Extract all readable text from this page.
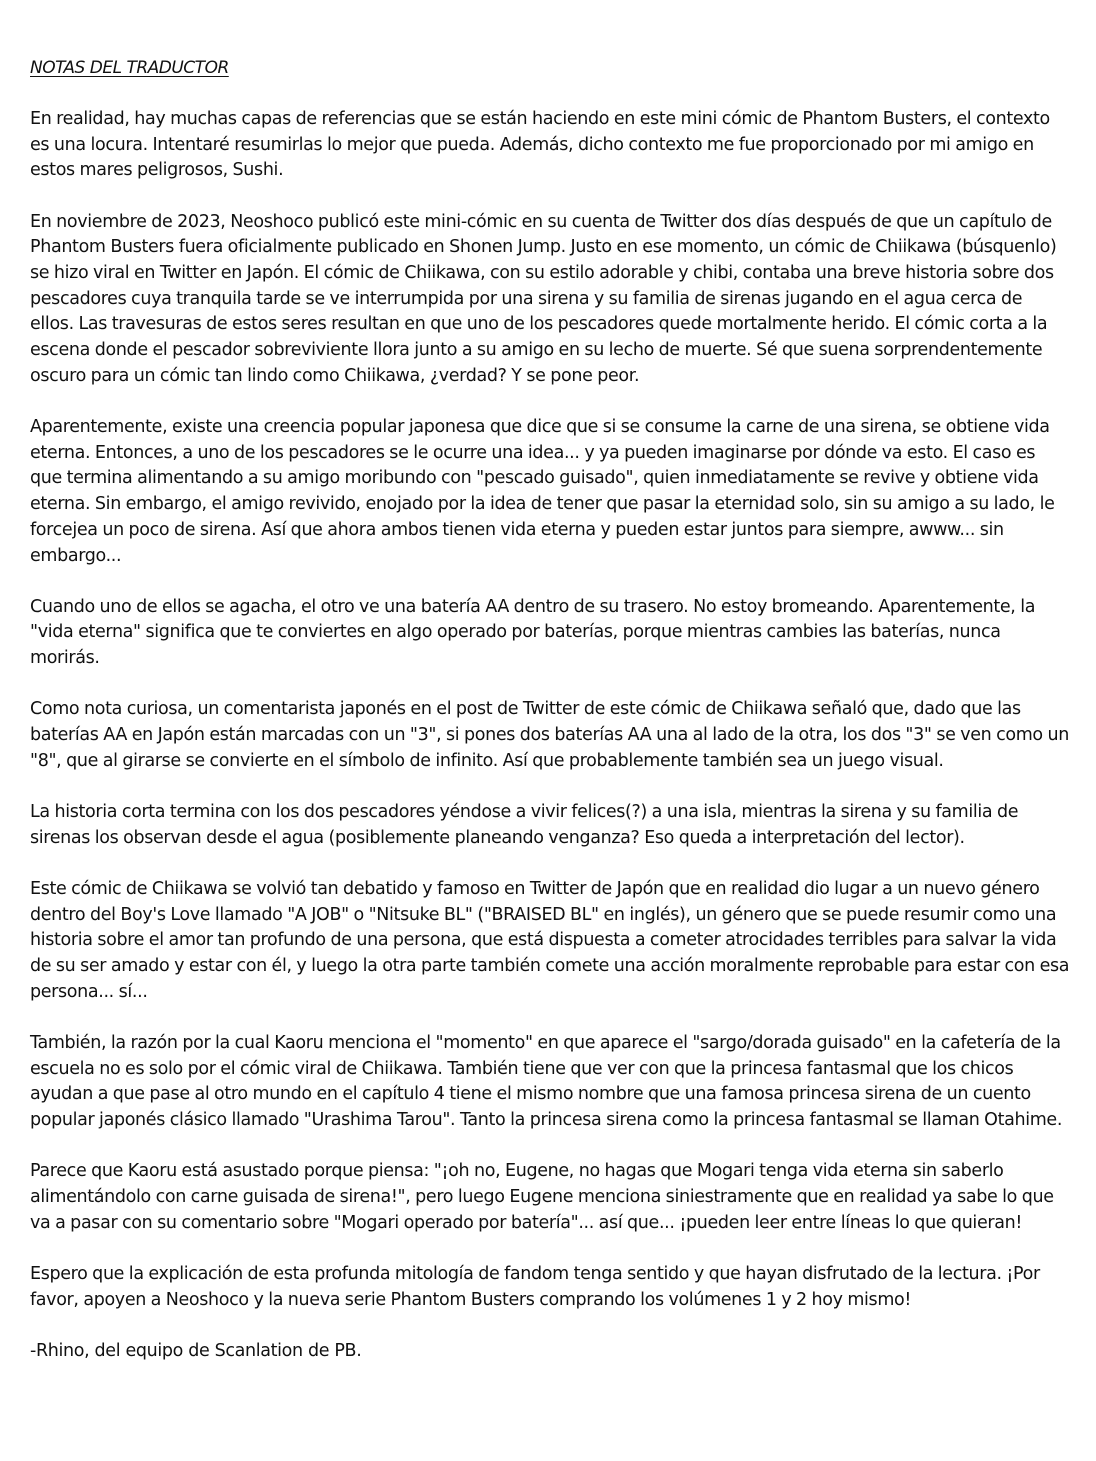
NOTAS DEL TRADUCTOR

En realidad, hay muchas capas de referencias que se están haciendo en este mini cómic de Phantom Busters, el contexto es una locura. Intentaré resumirlas lo mejor que pueda. Además, dicho contexto me fue proporcionado por mi amigo en estos mares peligrosos, Sushi.

En noviembre de 2023, Neoshoco publicó este mini-cómic en su cuenta de Twitter dos días después de que un capítulo de Phantom Busters fuera oficialmente publicado en Shonen Jump. Justo en ese momento, un cómic de Chiikawa (búsquenlo) se hizo viral en Twitter en Japón. El cómic de Chiikawa, con su estilo adorable y chibi, contaba una breve historia sobre dos pescadores cuya tranquila tarde se ve interrumpida por una sirena y su familia de sirenas jugando en el agua cerca de ellos. Las travesuras de estos seres resultan en que uno de los pescadores quede mortalmente herido. El cómic corta a la escena donde el pescador sobreviviente llora junto a su amigo en su lecho de muerte. Sé que suena sorprendentemente oscuro para un cómic tan lindo como Chiikawa, ¿verdad? Y se pone peor.

Aparentemente, existe una creencia popular japonesa que dice que si se consume la carne de una sirena, se obtiene vida eterna. Entonces, a uno de los pescadores se le ocurre una idea... y ya pueden imaginarse por dónde va esto. El caso es que termina alimentando a su amigo moribundo con "pescado guisado", quien inmediatamente se revive y obtiene vida eterna. Sin embargo, el amigo revivido, enojado por la idea de tener que pasar la eternidad solo, sin su amigo a su lado, le forcejea un poco de sirena. Así que ahora ambos tienen vida eterna y pueden estar juntos para siempre, awww... sin embargo...

Cuando uno de ellos se agacha, el otro ve una batería AA dentro de su trasero. No estoy bromeando. Aparentemente, la "vida eterna" significa que te conviertes en algo operado por baterías, porque mientras cambies las baterías, nunca morirás.

Como nota curiosa, un comentarista japonés en el post de Twitter de este cómic de Chiikawa señaló que, dado que las baterías AA en Japón están marcadas con un "3", si pones dos baterías AA una al lado de la otra, los dos "3" se ven como un "8", que al girarse se convierte en el símbolo de infinito. Así que probablemente también sea un juego visual.

La historia corta termina con los dos pescadores yéndose a vivir felices(?) a una isla, mientras la sirena y su familia de sirenas los observan desde el agua (posiblemente planeando venganza? Eso queda a interpretación del lector).

Este cómic de Chiikawa se volvió tan debatido y famoso en Twitter de Japón que en realidad dio lugar a un nuevo género dentro del Boy's Love llamado "A JOB" o "Nitsuke BL" ("BRAISED BL" en inglés), un género que se puede resumir como una historia sobre el amor tan profundo de una persona, que está dispuesta a cometer atrocidades terribles para salvar la vida de su ser amado y estar con él, y luego la otra parte también comete una acción moralmente reprobable para estar con esa persona... sí...

También, la razón por la cual Kaoru menciona el "momento" en que aparece el "sargo/dorada guisado" en la cafetería de la escuela no es solo por el cómic viral de Chiikawa. También tiene que ver con que la princesa fantasmal que los chicos ayudan a que pase al otro mundo en el capítulo 4 tiene el mismo nombre que una famosa princesa sirena de un cuento popular japonés clásico llamado "Urashima Tarou". Tanto la princesa sirena como la princesa fantasmal se llaman Otahime.

Parece que Kaoru está asustado porque piensa: "¡oh no, Eugene, no hagas que Mogari tenga vida eterna sin saberlo alimentándolo con carne guisada de sirena!", pero luego Eugene menciona siniestramente que en realidad ya sabe lo que va a pasar con su comentario sobre "Mogari operado por batería"... así que... ¡pueden leer entre líneas lo que quieran!

Espero que la explicación de esta profunda mitología de fandom tenga sentido y que hayan disfrutado de la lectura. ¡Por favor, apoyen a Neoshoco y la nueva serie Phantom Busters comprando los volúmenes 1 y 2 hoy mismo!

-Rhino, del equipo de Scanlation de PB.
